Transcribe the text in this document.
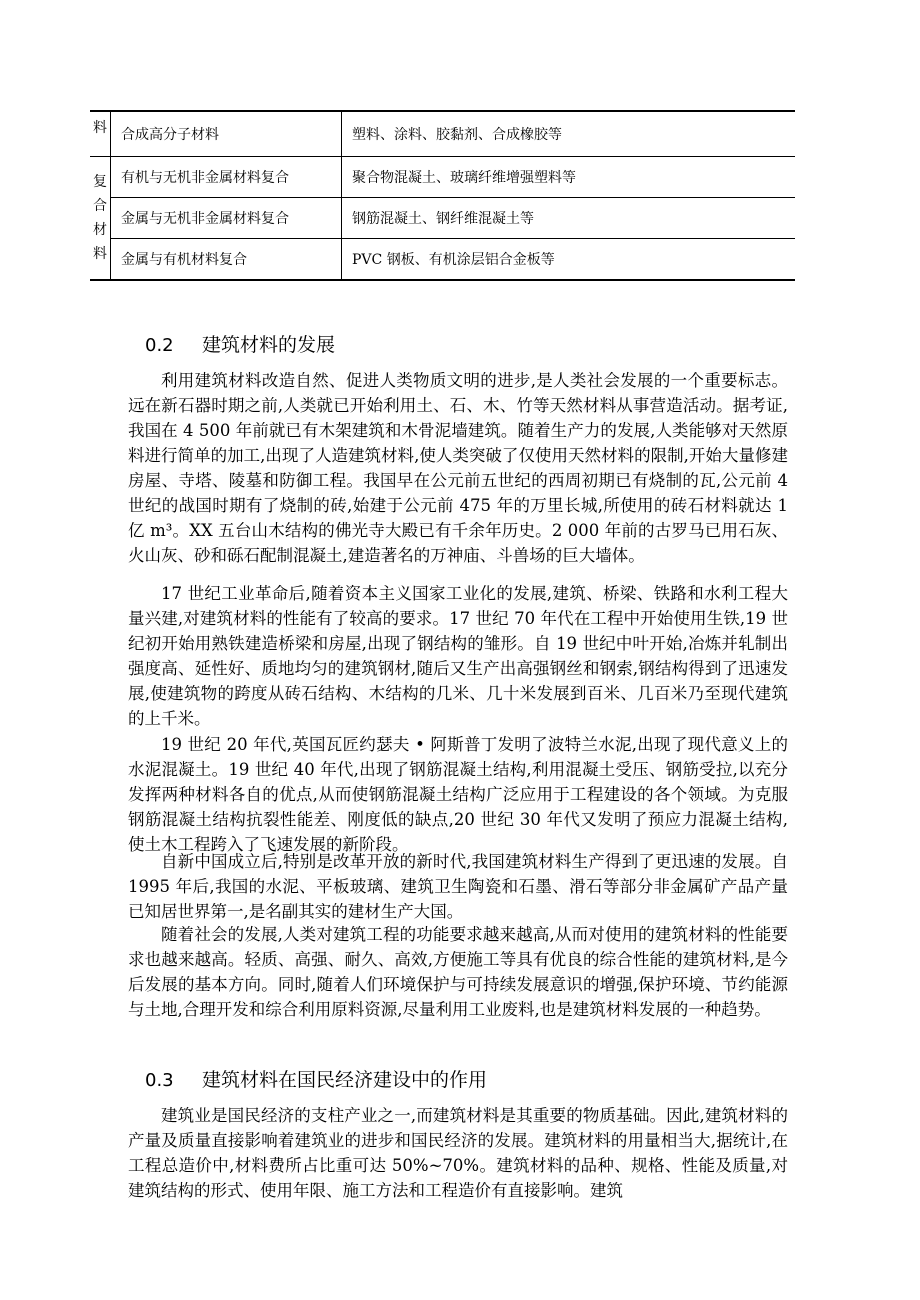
料	合成高分子材料	塑料、涂料、胶黏剂、合成橡胶等
复合材料	有机与无机非金属材料复合	聚合物混凝土、玻璃纤维增强塑料等
	金属与无机非金属材料复合	钢筋混凝土、钢纤维混凝土等
	金属与有机材料复合	PVC 钢板、有机涂层铝合金板等
0.2 建筑材料的发展

利用建筑材料改造自然、促进人类物质文明的进步,是人类社会发展的一个重要标志。远在新石器时期之前,人类就已开始利用土、石、木、竹等天然材料从事营造活动。据考证,我国在 4 500 年前就已有木架建筑和木骨泥墙建筑。随着生产力的发展,人类能够对天然原料进行简单的加工,出现了人造建筑材料,使人类突破了仅使用天然材料的限制,开始大量修建房屋、寺塔、陵墓和防御工程。我国早在公元前五世纪的西周初期已有烧制的瓦,公元前 4 世纪的战国时期有了烧制的砖,始建于公元前 475 年的万里长城,所使用的砖石材料就达 1 亿 m³。XX 五台山木结构的佛光寺大殿已有千余年历史。2 000 年前的古罗马已用石灰、火山灰、砂和砾石配制混凝土,建造著名的万神庙、斗兽场的巨大墙体。

17 世纪工业革命后,随着资本主义国家工业化的发展,建筑、桥梁、铁路和水利工程大量兴建,对建筑材料的性能有了较高的要求。17 世纪 70 年代在工程中开始使用生铁,19 世纪初开始用熟铁建造桥梁和房屋,出现了钢结构的雏形。自 19 世纪中叶开始,冶炼并轧制出强度高、延性好、质地均匀的建筑钢材,随后又生产出高强钢丝和钢索,钢结构得到了迅速发展,使建筑物的跨度从砖石结构、木结构的几米、几十米发展到百米、几百米乃至现代建筑的上千米。

19 世纪 20 年代,英国瓦匠约瑟夫 • 阿斯普丁发明了波特兰水泥,出现了现代意义上的水泥混凝土。19 世纪 40 年代,出现了钢筋混凝土结构,利用混凝土受压、钢筋受拉,以充分发挥两种材料各自的优点,从而使钢筋混凝土结构广泛应用于工程建设的各个领域。为克服钢筋混凝土结构抗裂性能差、刚度低的缺点,20 世纪 30 年代又发明了预应力混凝土结构,使土木工程跨入了飞速发展的新阶段。

自新中国成立后,特别是改革开放的新时代,我国建筑材料生产得到了更迅速的发展。自 1995 年后,我国的水泥、平板玻璃、建筑卫生陶瓷和石墨、滑石等部分非金属矿产品产量已知居世界第一,是名副其实的建材生产大国。

随着社会的发展,人类对建筑工程的功能要求越来越高,从而对使用的建筑材料的性能要求也越来越高。轻质、高强、耐久、高效,方便施工等具有优良的综合性能的建筑材料,是今后发展的基本方向。同时,随着人们环境保护与可持续发展意识的增强,保护环境、节约能源与土地,合理开发和综合利用原料资源,尽量利用工业废料,也是建筑材料发展的一种趋势。

0.3 建筑材料在国民经济建设中的作用

建筑业是国民经济的支柱产业之一,而建筑材料是其重要的物质基础。因此,建筑材料的产量及质量直接影响着建筑业的进步和国民经济的发展。建筑材料的用量相当大,据统计,在工程总造价中,材料费所占比重可达 50%~70%。建筑材料的品种、规格、性能及质量,对建筑结构的形式、使用年限、施工方法和工程造价有直接影响。建筑
